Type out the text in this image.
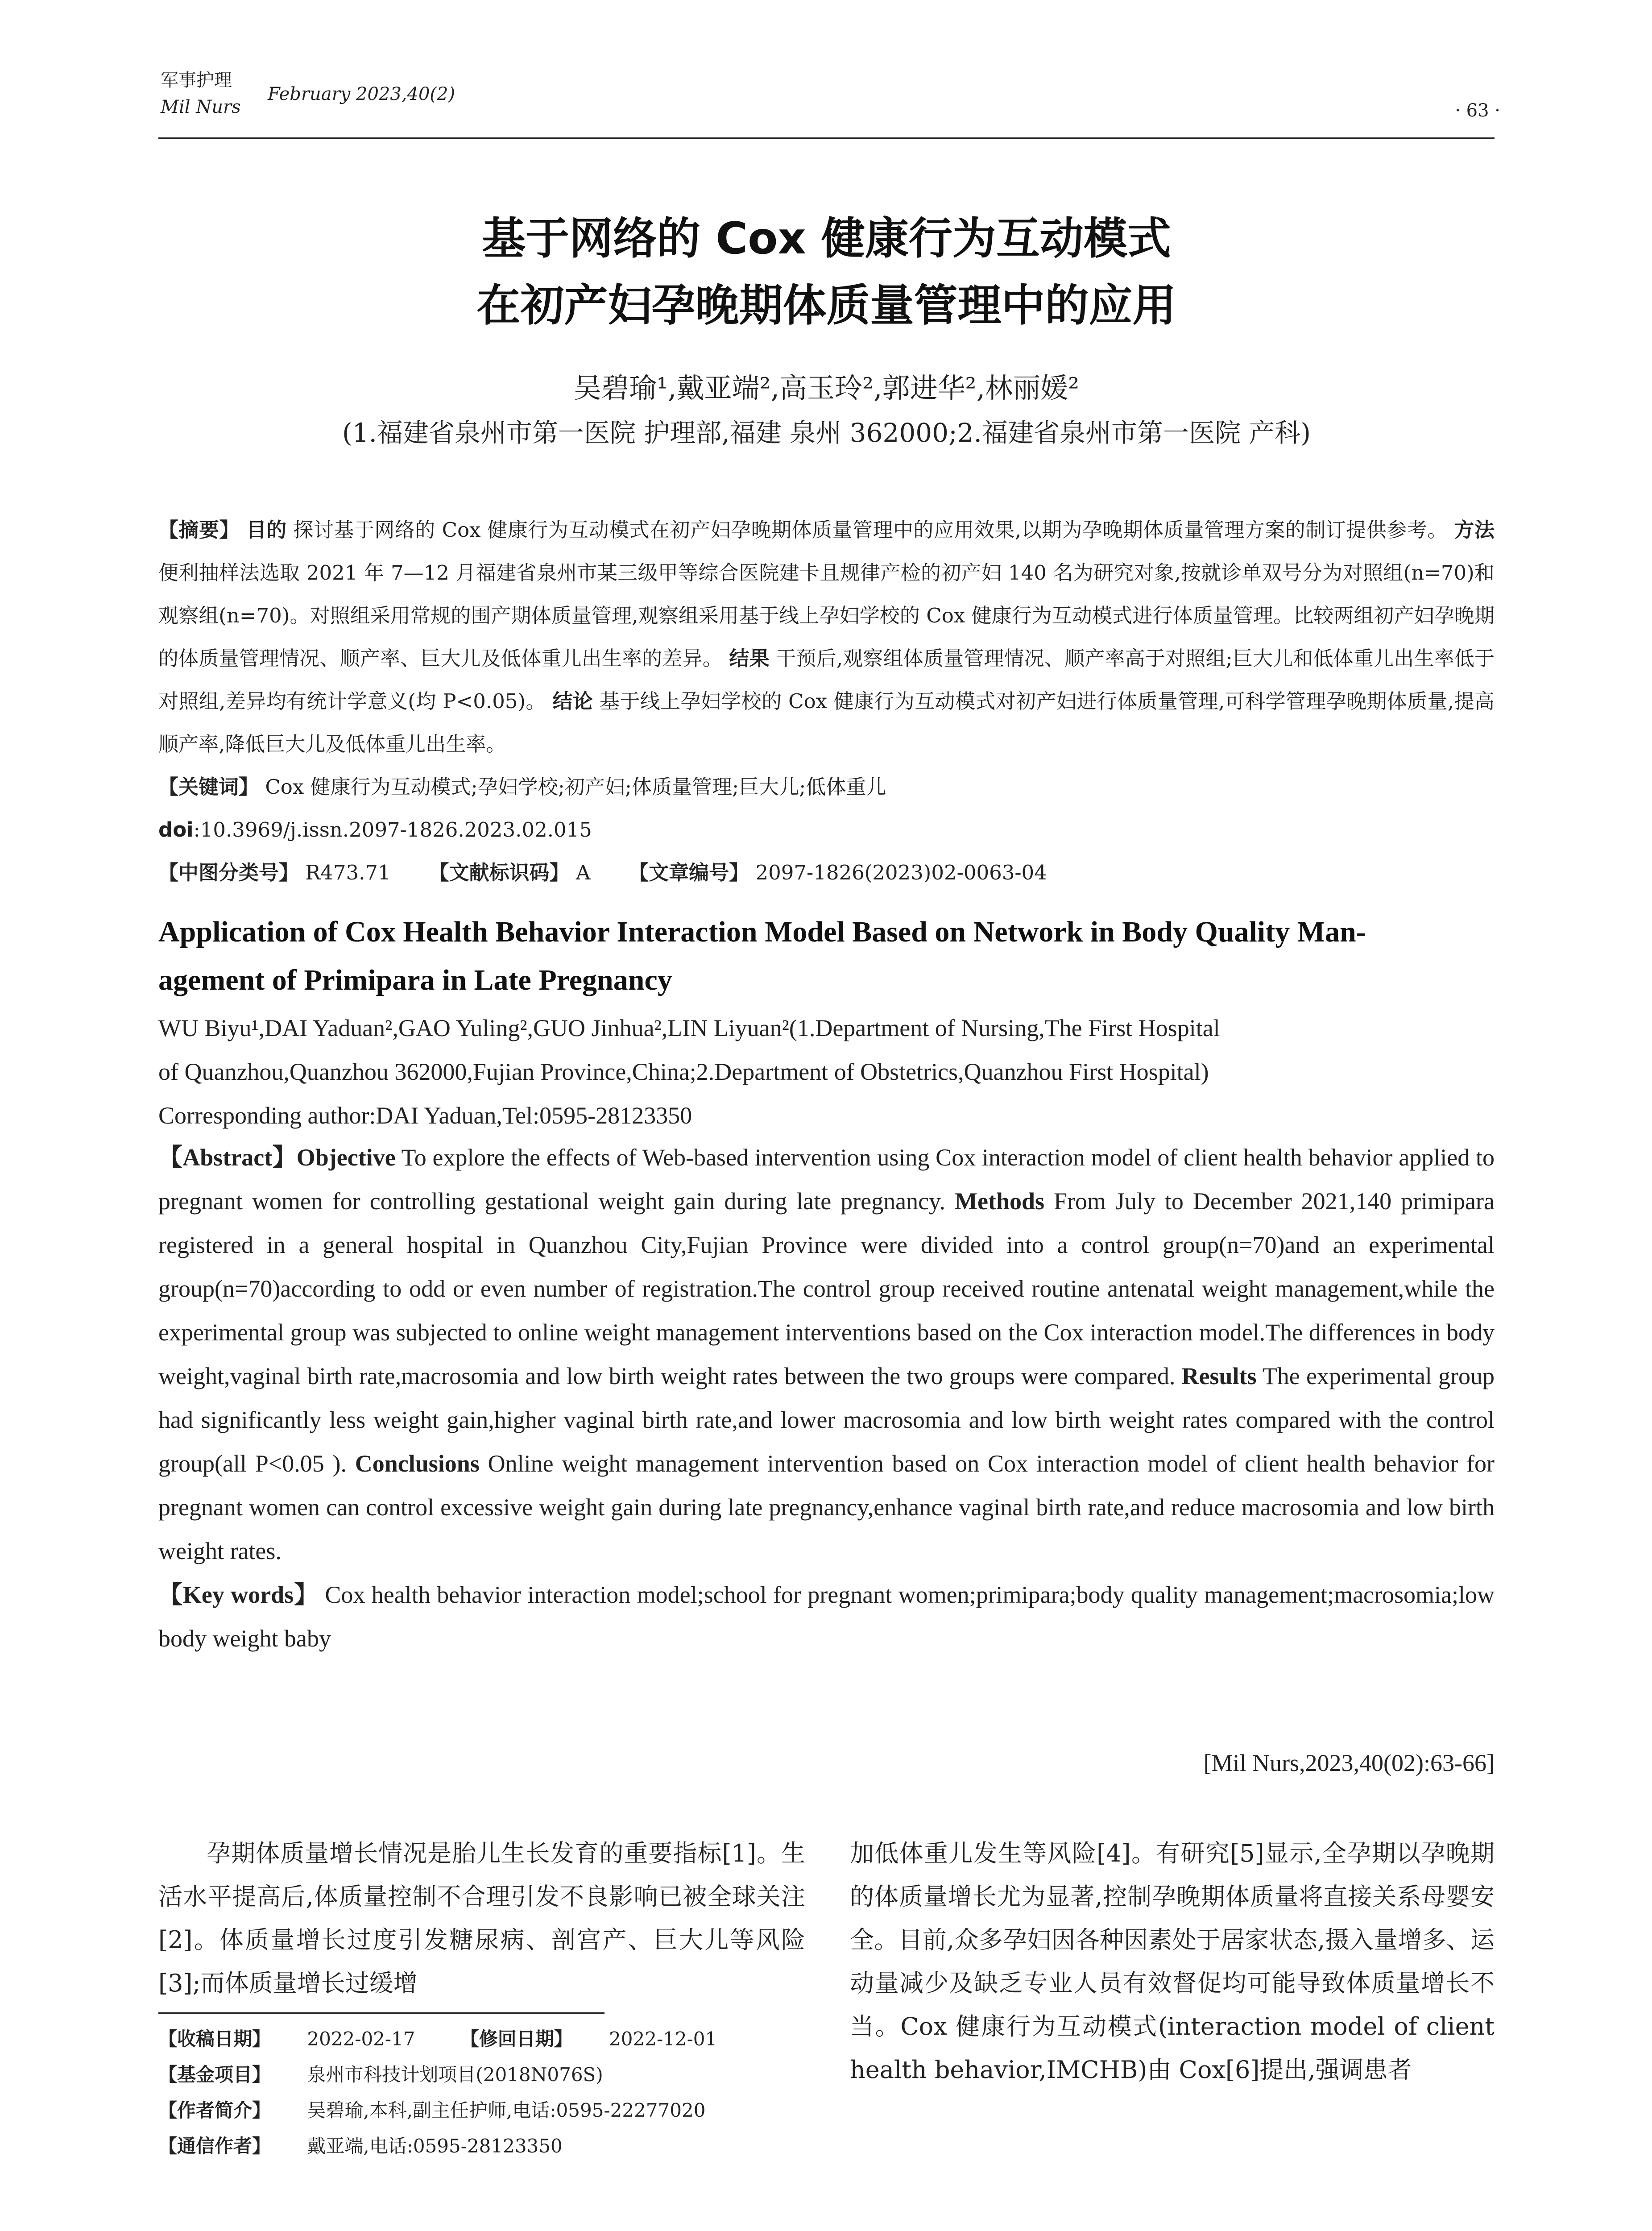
军事护理
Mil Nurs
February 2023,40(2)
· 63 ·
基于网络的 Cox 健康行为互动模式
在初产妇孕晚期体质量管理中的应用
吴碧瑜¹,戴亚端²,高玉玲²,郭进华²,林丽媛²
(1.福建省泉州市第一医院 护理部,福建 泉州 362000;2.福建省泉州市第一医院 产科)
【摘要】 目的 探讨基于网络的 Cox 健康行为互动模式在初产妇孕晚期体质量管理中的应用效果,以期为孕晚期体质量管理方案的制订提供参考。 方法 便利抽样法选取 2021 年 7—12 月福建省泉州市某三级甲等综合医院建卡且规律产检的初产妇 140 名为研究对象,按就诊单双号分为对照组(n=70)和观察组(n=70)。对照组采用常规的围产期体质量管理,观察组采用基于线上孕妇学校的 Cox 健康行为互动模式进行体质量管理。比较两组初产妇孕晚期的体质量管理情况、顺产率、巨大儿及低体重儿出生率的差异。 结果 干预后,观察组体质量管理情况、顺产率高于对照组;巨大儿和低体重儿出生率低于对照组,差异均有统计学意义(均 P<0.05)。 结论 基于线上孕妇学校的 Cox 健康行为互动模式对初产妇进行体质量管理,可科学管理孕晚期体质量,提高顺产率,降低巨大儿及低体重儿出生率。
【关键词】 Cox 健康行为互动模式;孕妇学校;初产妇;体质量管理;巨大儿;低体重儿
doi:10.3969/j.issn.2097-1826.2023.02.015
【中图分类号】 R473.71 【文献标识码】 A 【文章编号】 2097-1826(2023)02-0063-04
Application of Cox Health Behavior Interaction Model Based on Network in Body Quality Man-
agement of Primipara in Late Pregnancy
WU Biyu¹,DAI Yaduan²,GAO Yuling²,GUO Jinhua²,LIN Liyuan²(1.Department of Nursing,The First Hospital
of Quanzhou,Quanzhou 362000,Fujian Province,China;2.Department of Obstetrics,Quanzhou First Hospital)
Corresponding author:DAI Yaduan,Tel:0595-28123350
【Abstract】Objective To explore the effects of Web-based intervention using Cox interaction model of client health behavior applied to pregnant women for controlling gestational weight gain during late pregnancy. Methods From July to December 2021,140 primipara registered in a general hospital in Quanzhou City,Fujian Province were divided into a control group(n=70)and an experimental group(n=70)according to odd or even number of registration.The control group received routine antenatal weight management,while the experimental group was subjected to online weight management interventions based on the Cox interaction model.The differences in body weight,vaginal birth rate,macrosomia and low birth weight rates between the two groups were compared. Results The experimental group had significantly less weight gain,higher vaginal birth rate,and lower macrosomia and low birth weight rates compared with the control group(all P<0.05 ). Conclusions Online weight management intervention based on Cox interaction model of client health behavior for pregnant women can control excessive weight gain during late pregnancy,enhance vaginal birth rate,and reduce macrosomia and low birth weight rates.
【Key words】 Cox health behavior interaction model;school for pregnant women;primipara;body quality management;macrosomia;low body weight baby
[Mil Nurs,2023,40(02):63-66]
孕期体质量增长情况是胎儿生长发育的重要指标[1]。生活水平提高后,体质量控制不合理引发不良影响已被全球关注[2]。体质量增长过度引发糖尿病、剖宫产、巨大儿等风险[3];而体质量增长过缓增
加低体重儿发生等风险[4]。有研究[5]显示,全孕期以孕晚期的体质量增长尤为显著,控制孕晚期体质量将直接关系母婴安全。目前,众多孕妇因各种因素处于居家状态,摄入量增多、运动量减少及缺乏专业人员有效督促均可能导致体质量增长不当。Cox 健康行为互动模式(interaction model of client health behavior,IMCHB)由 Cox[6]提出,强调患者
【收稿日期】 2022-02-17 【修回日期】 2022-12-01
【基金项目】 泉州市科技计划项目(2018N076S)
【作者简介】 吴碧瑜,本科,副主任护师,电话:0595-22277020
【通信作者】 戴亚端,电话:0595-28123350
